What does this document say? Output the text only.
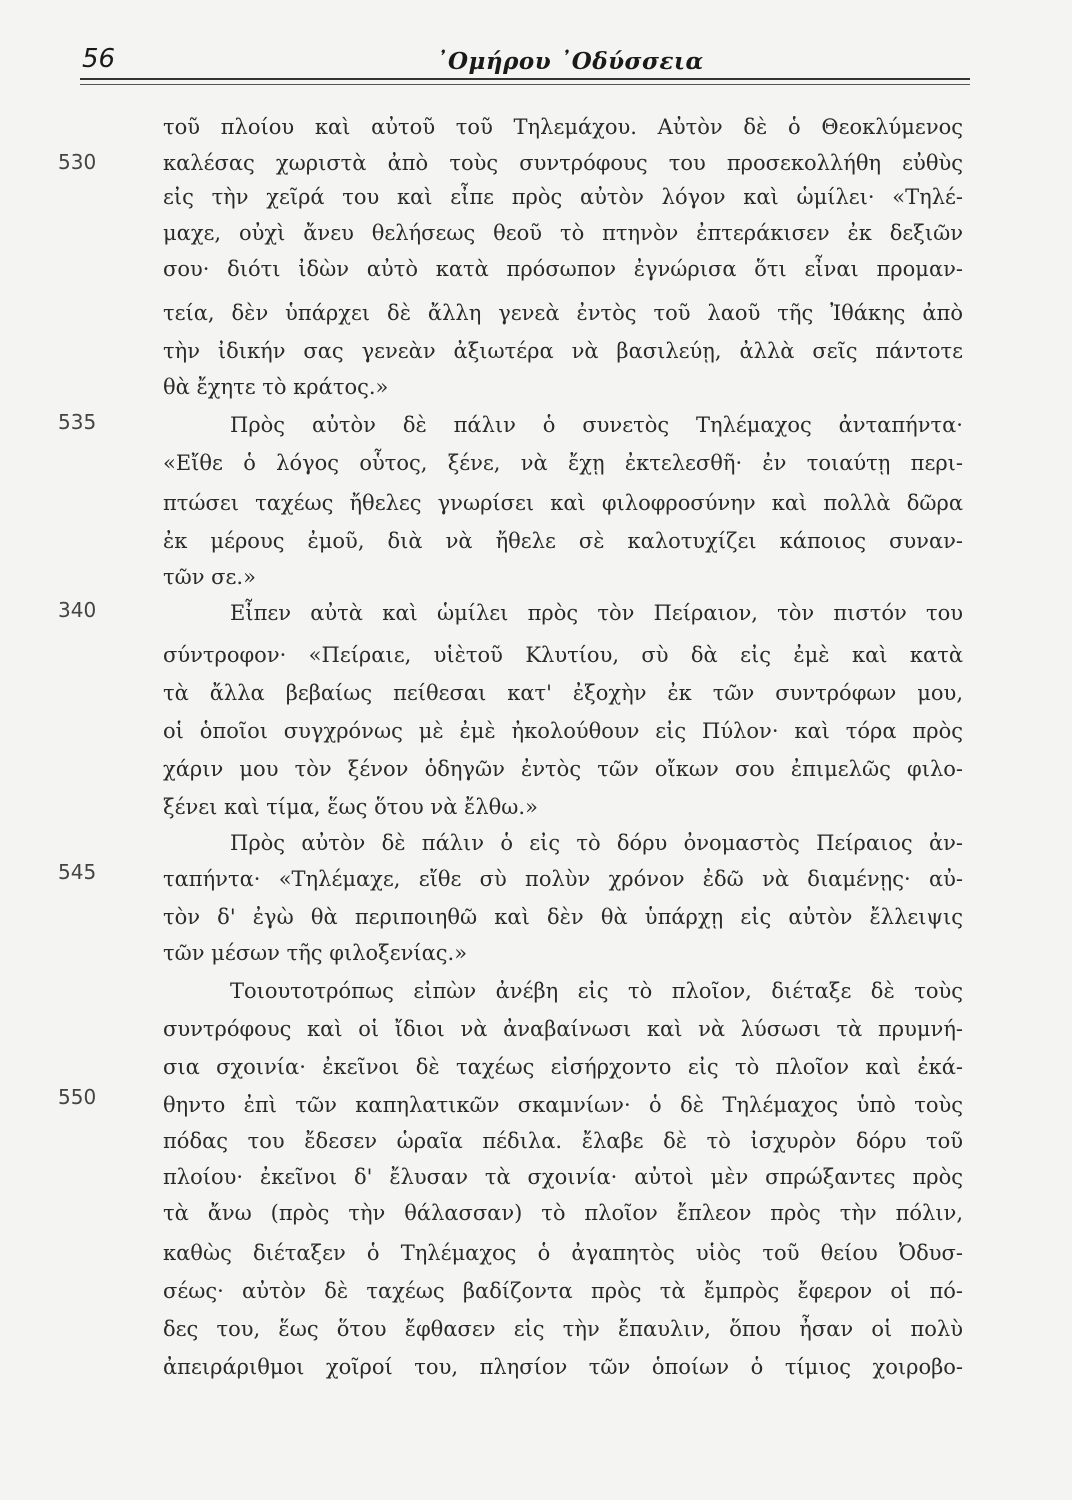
56	᾿Ομήρου ᾿Οδύσσεια
530
535
340
545
550
τοῦ πλοίου καὶ αὐτοῦ τοῦ Τηλεμάχου. Αὐτὸν δὲ ὁ Θεοκλύμενος
καλέσας χωριστὰ ἀπὸ τοὺς συντρόφους του προσεκολλήθη εὐθὺς
εἰς τὴν χεῖρά του καὶ εἶπε πρὸς αὐτὸν λόγον καὶ ὡμίλει· «Τηλέ-
μαχε, οὐχὶ ἄνευ θελήσεως θεοῦ τὸ πτηνὸν ἐπτεράκισεν ἐκ δεξιῶν
σου· διότι ἰδὼν αὐτὸ κατὰ πρόσωπον ἐγνώρισα ὅτι εἶναι προμαν-
τεία, δὲν ὑπάρχει δὲ ἄλλη γενεὰ ἐντὸς τοῦ λαοῦ τῆς Ἰθάκης ἀπὸ
τὴν ἰδικήν σας γενεὰν ἀξιωτέρα νὰ βασιλεύῃ, ἀλλὰ σεῖς πάντοτε
θὰ ἔχητε τὸ κράτος.»
Πρὸς αὐτὸν δὲ πάλιν ὁ συνετὸς Τηλέμαχος ἀνταπήντα·
«Εἴθε ὁ λόγος οὗτος, ξένε, νὰ ἔχῃ ἐκτελεσθῆ· ἐν τοιαύτῃ περι-
πτώσει ταχέως ἤθελες γνωρίσει καὶ φιλοφροσύνην καὶ πολλὰ δῶρα
ἐκ μέρους ἐμοῦ, διὰ νὰ ἤθελε σὲ καλοτυχίζει κάποιος συναν-
τῶν σε.»
Εἶπεν αὐτὰ καὶ ὡμίλει πρὸς τὸν Πείραιον, τὸν πιστόν του
σύντροφον· «Πείραιε, υἱὲτοῦ Κλυτίου, σὺ δὰ εἰς ἐμὲ καὶ κατὰ
τὰ ἄλλα βεβαίως πείθεσαι κατ' ἐξοχὴν ἐκ τῶν συντρόφων μου,
οἱ ὁποῖοι συγχρόνως μὲ ἐμὲ ἠκολούθουν εἰς Πύλον· καὶ τόρα πρὸς
χάριν μου τὸν ξένον ὁδηγῶν ἐντὸς τῶν οἴκων σου ἐπιμελῶς φιλο-
ξένει καὶ τίμα, ἕως ὅτου νὰ ἔλθω.»
Πρὸς αὐτὸν δὲ πάλιν ὁ εἰς τὸ δόρυ ὀνομαστὸς Πείραιος ἀν-
ταπήντα· «Τηλέμαχε, εἴθε σὺ πολὺν χρόνον ἐδῶ νὰ διαμένῃς· αὐ-
τὸν δ' ἐγὼ θὰ περιποιηθῶ καὶ δὲν θὰ ὑπάρχῃ εἰς αὐτὸν ἔλλειψις
τῶν μέσων τῆς φιλοξενίας.»
Τοιουτοτρόπως εἰπὼν ἀνέβη εἰς τὸ πλοῖον, διέταξε δὲ τοὺς
συντρόφους καὶ οἱ ἴδιοι νὰ ἀναβαίνωσι καὶ νὰ λύσωσι τὰ πρυμνή-
σια σχοινία· ἐκεῖνοι δὲ ταχέως εἰσήρχοντο εἰς τὸ πλοῖον καὶ ἐκά-
θηντο ἐπὶ τῶν καπηλατικῶν σκαμνίων· ὁ δὲ Τηλέμαχος ὑπὸ τοὺς
πόδας του ἔδεσεν ὡραῖα πέδιλα. ἔλαβε δὲ τὸ ἰσχυρὸν δόρυ τοῦ
πλοίου· ἐκεῖνοι δ' ἔλυσαν τὰ σχοινία· αὐτοὶ μὲν σπρώξαντες πρὸς
τὰ ἄνω (πρὸς τὴν θάλασσαν) τὸ πλοῖον ἔπλεον πρὸς τὴν πόλιν,
καθὼς διέταξεν ὁ Τηλέμαχος ὁ ἀγαπητὸς υἱὸς τοῦ θείου Ὀδυσ-
σέως· αὐτὸν δὲ ταχέως βαδίζοντα πρὸς τὰ ἔμπρὸς ἔφερον οἱ πό-
δες του, ἕως ὅτου ἔφθασεν εἰς τὴν ἔπαυλιν, ὅπου ἦσαν οἱ πολὺ
ἀπειράριθμοι χοῖροί του, πλησίον τῶν ὁποίων ὁ τίμιος χοιροβο-
